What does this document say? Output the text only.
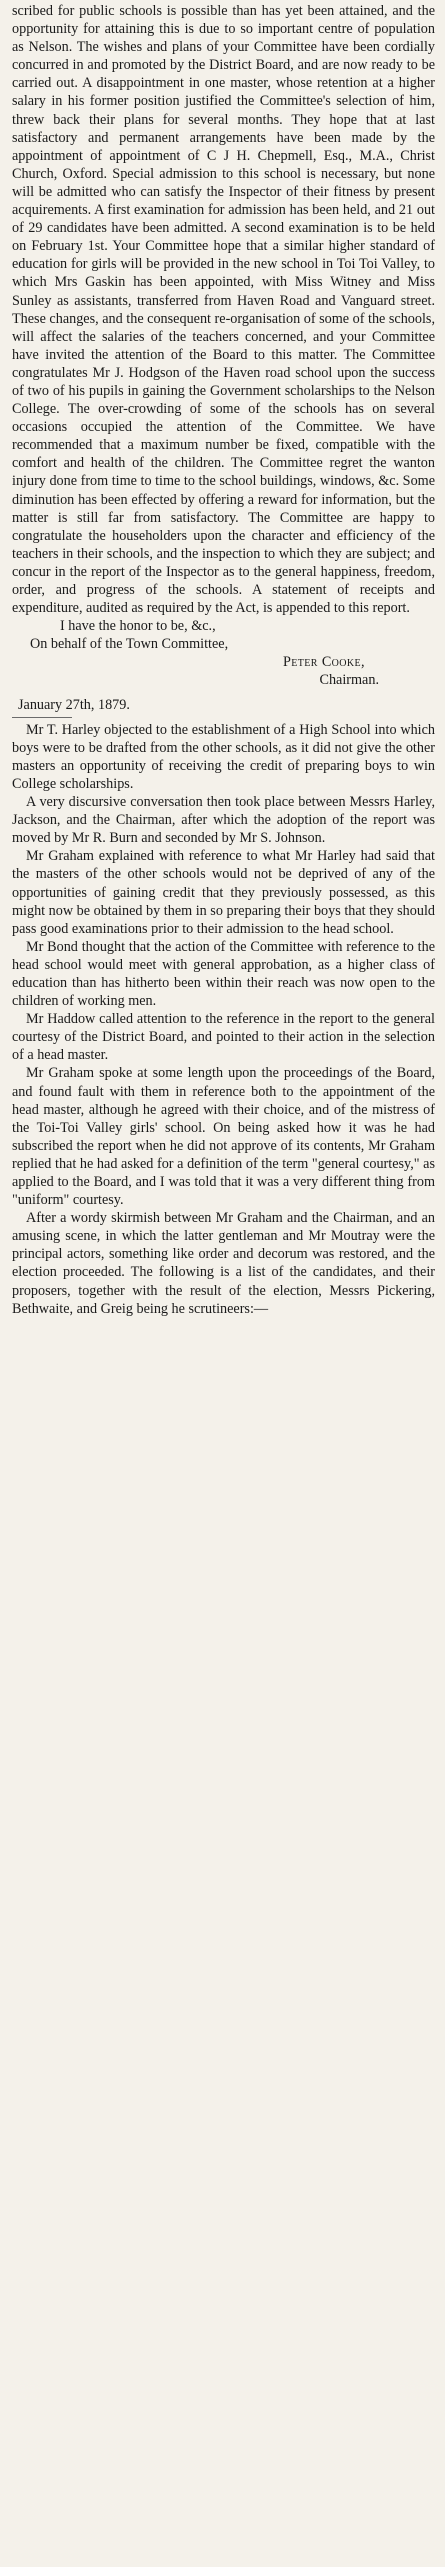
scribed for public schools is possible than has yet been attained, and the opportunity for attaining this is due to so important centre of population as Nelson. The wishes and plans of your Committee have been cordially concurred in and promoted by the District Board, and are now ready to be carried out. A disappointment in one master, whose retention at a higher salary in his former position justified the Committee's selection of him, threw back their plans for several months. They hope that at last satisfactory and permanent arrangements have been made by the appointment of appointment of C J H. Chepmell, Esq., M.A., Christ Church, Oxford. Special admission to this school is necessary, but none will be admitted who can satisfy the Inspector of their fitness by present acquirements. A first examination for admission has been held, and 21 out of 29 candidates have been admitted. A second examination is to be held on February 1st. Your Committee hope that a similar higher standard of education for girls will be provided in the new school in Toi Toi Valley, to which Mrs Gaskin has been appointed, with Miss Witney and Miss Sunley as assistants, transferred from Haven Road and Vanguard street. These changes, and the consequent re-organisation of some of the schools, will affect the salaries of the teachers concerned, and your Committee have invited the attention of the Board to this matter. The Committee congratulates Mr J. Hodgson of the Haven road school upon the success of two of his pupils in gaining the Government scholarships to the Nelson College. The over-crowding of some of the schools has on several occasions occupied the attention of the Committee. We have recommended that a maximum number be fixed, compatible with the comfort and health of the children. The Committee regret the wanton injury done from time to time to the school buildings, windows, &c. Some diminution has been effected by offering a reward for information, but the matter is still far from satisfactory. The Committee are happy to congratulate the householders upon the character and efficiency of the teachers in their schools, and the inspection to which they are subject; and concur in the report of the Inspector as to the general happiness, freedom, order, and progress of the schools. A statement of receipts and expenditure, audited as required by the Act, is appended to this report.

I have the honor to be, &c.,

On behalf of the Town Committee,

Peter Cooke,

Chairman.

January 27th, 1879.

Mr T. Harley objected to the establishment of a High School into which boys were to be drafted from the other schools, as it did not give the other masters an opportunity of receiving the credit of preparing boys to win College scholarships.

A very discursive conversation then took place between Messrs Harley, Jackson, and the Chairman, after which the adoption of the report was moved by Mr R. Burn and seconded by Mr S. Johnson.

Mr Graham explained with reference to what Mr Harley had said that the masters of the other schools would not be deprived of any of the opportunities of gaining credit that they previously possessed, as this might now be obtained by them in so preparing their boys that they should pass good examinations prior to their admission to the head school.

Mr Bond thought that the action of the Committee with reference to the head school would meet with general approbation, as a higher class of education than has hitherto been within their reach was now open to the children of working men.

Mr Haddow called attention to the reference in the report to the general courtesy of the District Board, and pointed to their action in the selection of a head master.

Mr Graham spoke at some length upon the proceedings of the Board, and found fault with them in reference both to the appointment of the head master, although he agreed with their choice, and of the mistress of the Toi-Toi Valley girls' school. On being asked how it was he had subscribed the report when he did not approve of its contents, Mr Graham replied that he had asked for a definition of the term "general courtesy," as applied to the Board, and I was told that it was a very different thing from "uniform" courtesy.

After a wordy skirmish between Mr Graham and the Chairman, and an amusing scene, in which the latter gentleman and Mr Moutray were the principal actors, something like order and decorum was restored, and the election proceeded. The following is a list of the candidates, and their proposers, together with the result of the election, Messrs Pickering, Bethwaite, and Greig being he scrutineers:—
